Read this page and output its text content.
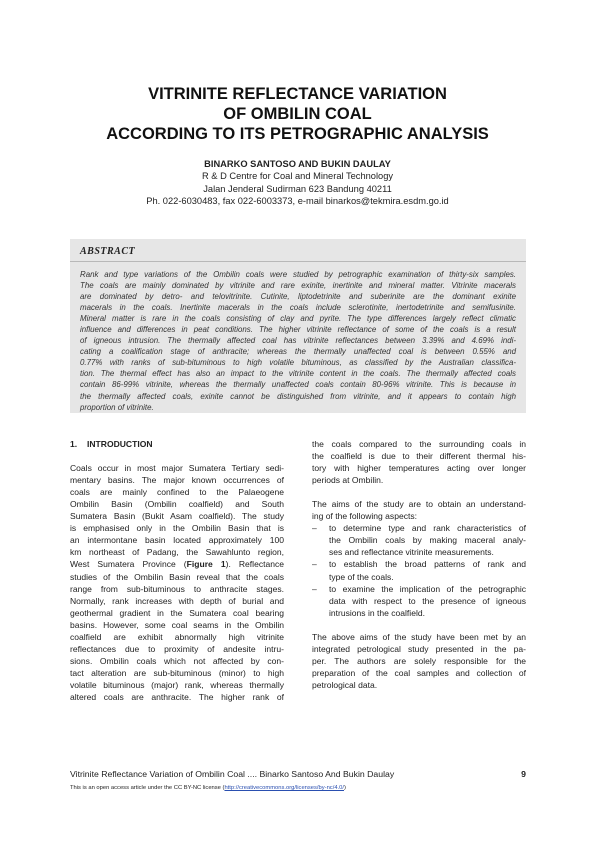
VITRINITE REFLECTANCE VARIATION
OF OMBILIN COAL
ACCORDING TO ITS PETROGRAPHIC ANALYSIS
BINARKO SANTOSO AND BUKIN DAULAY
R & D Centre for Coal and Mineral Technology
Jalan Jenderal Sudirman 623 Bandung 40211
Ph. 022-6030483, fax 022-6003373, e-mail binarkos@tekmira.esdm.go.id
ABSTRACT
Rank and type variations of the Ombilin coals were studied by petrographic examination of thirty-six samples.
The coals are mainly dominated by vitrinite and rare exinite, inertinite and mineral matter. Vitrinite macerals
are dominated by detro- and telovitrinite. Cutinite, liptodetrinite and suberinite are the dominant exinite
macerals in the coals. Inertinite macerals in the coals include sclerotinite, inertodetrinite and semifusinite.
Mineral matter is rare in the coals consisting of clay and pyrite. The type differences largely reflect climatic
influence and differences in peat conditions. The higher vitrinite reflectance of some of the coals is a result
of igneous intrusion. The thermally affected coal has vitrinite reflectances between 3.39% and 4.69% indi-
cating a coalification stage of anthracite; whereas the thermally unaffected coal is between 0.55% and
0.77% with ranks of sub-bituminous to high volatile bituminous, as classified by the Australian classifica-
tion. The thermal effect has also an impact to the vitrinite content in the coals. The thermally affected coals
contain 86-99% vitrinite, whereas the thermally unaffected coals contain 80-96% vitrinite. This is because in
the thermally affected coals, exinite cannot be distinguished from vitrinite, and it appears to contain high
proportion of vitrinite.
1. INTRODUCTION
Coals occur in most major Sumatera Tertiary sedi-
mentary basins. The major known occurrences of
coals are mainly confined to the Palaeogene
Ombilin Basin (Ombilin coalfield) and South
Sumatera Basin (Bukit Asam coalfield). The study
is emphasised only in the Ombilin Basin that is
an intermontane basin located approximately 100
km northeast of Padang, the Sawahlunto region,
West Sumatera Province (Figure 1). Reflectance
studies of the Ombilin Basin reveal that the coals
range from sub-bituminous to anthracite stages.
Normally, rank increases with depth of burial and
geothermal gradient in the Sumatera coal bearing
basins. However, some coal seams in the Ombilin
coalfield are exhibit abnormally high vitrinite
reflectances due to proximity of andesite intru-
sions. Ombilin coals which not affected by con-
tact alteration are sub-bituminous (minor) to high
volatile bituminous (major) rank, whereas thermally
altered coals are anthracite. The higher rank of
the coals compared to the surrounding coals in
the coalfield is due to their different thermal his-
tory with higher temperatures acting over longer
periods at Ombilin.
The aims of the study are to obtain an understand-
ing of the following aspects:
– to determine type and rank characteristics of
the Ombilin coals by making maceral analy-
ses and reflectance vitrinite measurements.
– to establish the broad patterns of rank and
type of the coals.
– to examine the implication of the petrographic
data with respect to the presence of igneous
intrusions in the coalfield.
The above aims of the study have been met by an
integrated petrological study presented in the pa-
per. The authors are solely responsible for the
preparation of the coal samples and collection of
petrological data.
Vitrinite Reflectance Variation of Ombilin Coal .... Binarko Santoso And Bukin Daulay	9
This is an open access article under the CC BY-NC license (http://creativecommons.org/licenses/by-nc/4.0/)
